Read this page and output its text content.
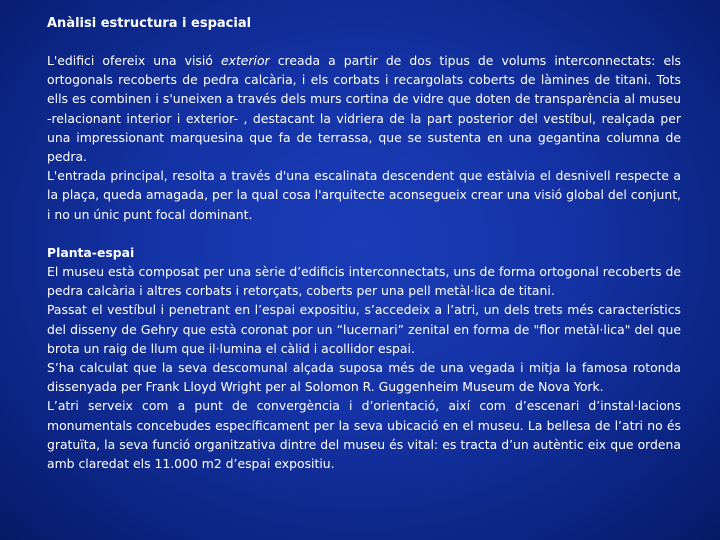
Anàlisi estructura i espacial

L'edifici ofereix una visió exterior creada a partir de dos tipus de volums interconnectats: els ortogonals recoberts de pedra calcària, i els corbats i recargolats coberts de làmines de titani. Tots ells es combinen i s'uneixen a través dels murs cortina de vidre que doten de transparència al museu -relacionant interior i exterior- , destacant la vidriera de la part posterior del vestíbul, realçada per una impressionant marquesina que fa de terrassa, que se sustenta en una gegantina columna de pedra.

L'entrada principal, resolta a través d'una escalinata descendent que estàlvia el desnivell respecte a la plaça, queda amagada, per la qual cosa l'arquitecte aconsegueix crear una visió global del conjunt, i no un únic punt focal dominant.

Planta-espai

El museu està composat per una sèrie d’edificis interconnectats, uns de forma ortogonal recoberts de pedra calcària i altres corbats i retorçats, coberts per una pell metàl·lica de titani.

Passat el vestíbul i penetrant en l’espai expositiu, s’accedeix a l’atri, un dels trets més característics del disseny de Gehry que està coronat por un “lucernari” zenital en forma de "flor metàl·lica" del que brota un raig de llum que il·lumina el càlid i acollidor espai.

S’ha calculat que la seva descomunal alçada suposa més de una vegada i mitja la famosa rotonda dissenyada per Frank Lloyd Wright per al Solomon R. Guggenheim Museum de Nova York.

L’atri serveix com a punt de convergència i d’orientació, així com d’escenari d’instal·lacions monumentals concebudes específicament per la seva ubicació en el museu. La bellesa de l’atri no és gratuïta, la seva funció organitzativa dintre del museu és vital: es tracta d’un autèntic eix que ordena amb claredat els 11.000 m2 d’espai expositiu.
